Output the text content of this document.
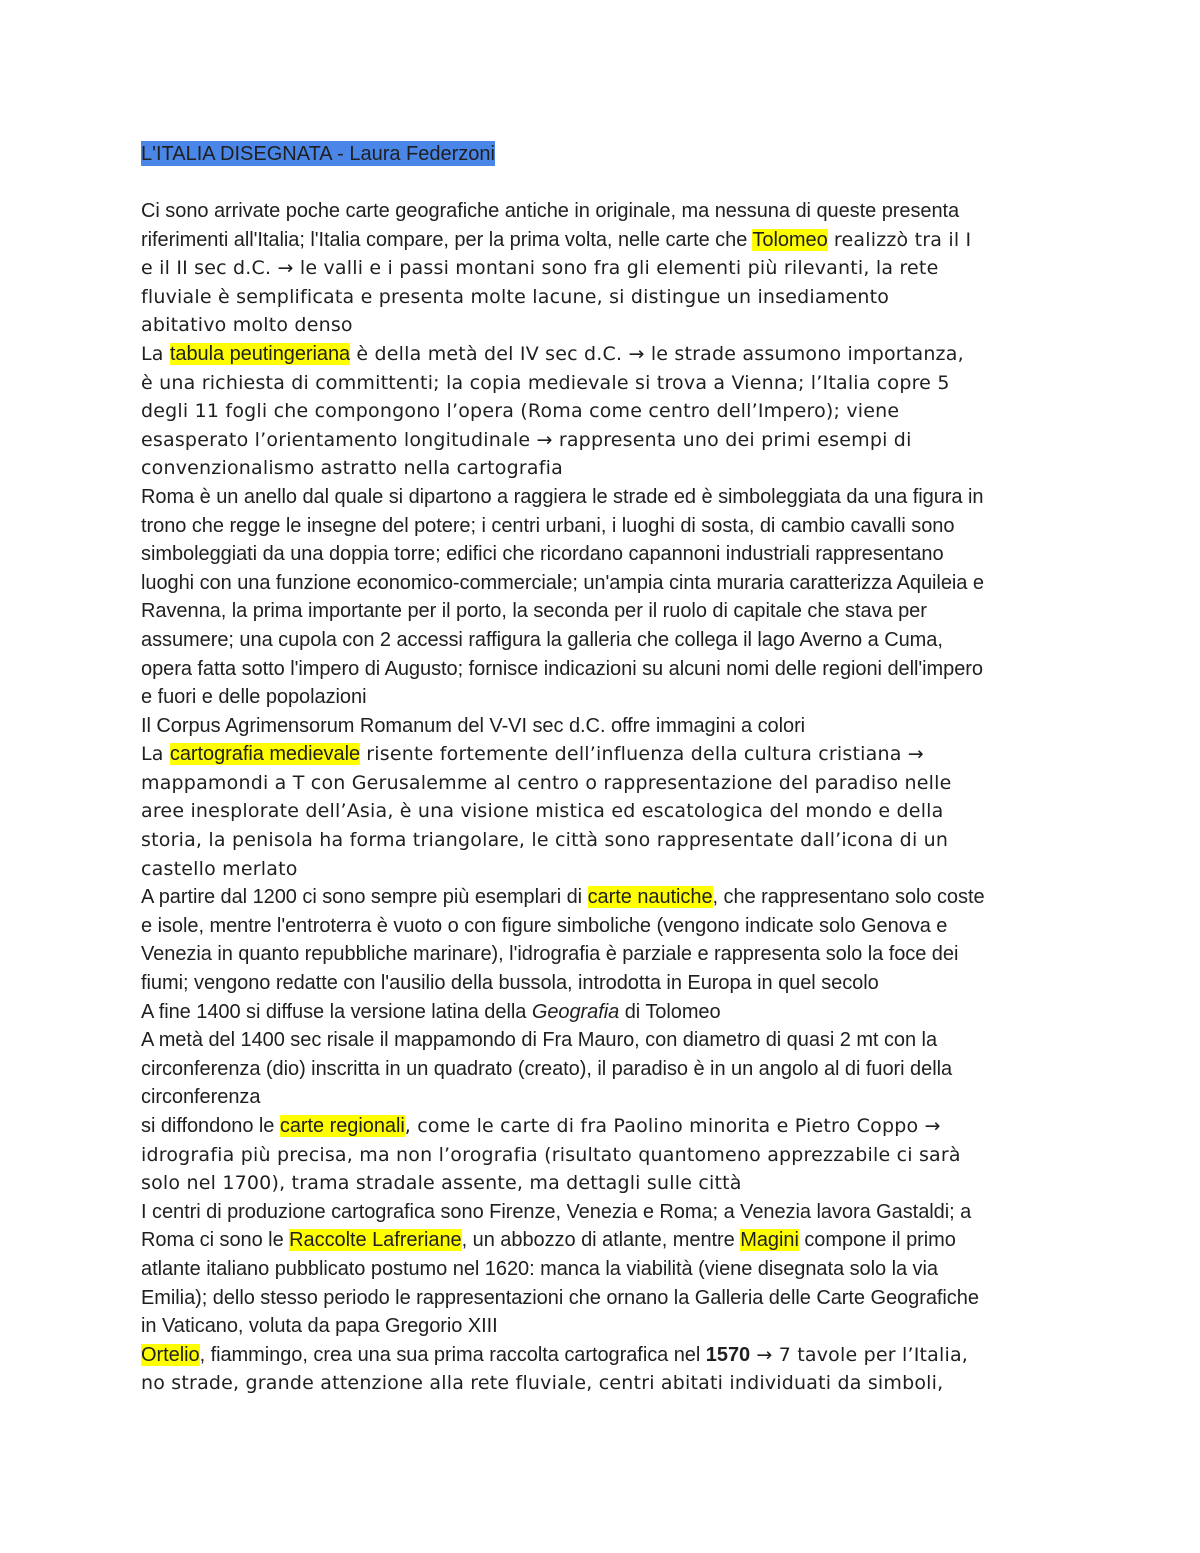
L'ITALIA DISEGNATA - Laura Federzoni

Ci sono arrivate poche carte geografiche antiche in originale, ma nessuna di queste presenta
riferimenti all'Italia; l'Italia compare, per la prima volta, nelle carte che Tolomeo realizzò tra il I
e il II sec d.C. → le valli e i passi montani sono fra gli elementi più rilevanti, la rete
fluviale è semplificata e presenta molte lacune, si distingue un insediamento
abitativo molto denso

La tabula peutingeriana è della metà del IV sec d.C. → le strade assumono importanza,
è una richiesta di committenti; la copia medievale si trova a Vienna; l’Italia copre 5
degli 11 fogli che compongono l’opera (Roma come centro dell’Impero); viene
esasperato l’orientamento longitudinale → rappresenta uno dei primi esempi di
convenzionalismo astratto nella cartografia

Roma è un anello dal quale si dipartono a raggiera le strade ed è simboleggiata da una figura in
trono che regge le insegne del potere; i centri urbani, i luoghi di sosta, di cambio cavalli sono
simboleggiati da una doppia torre; edifici che ricordano capannoni industriali rappresentano
luoghi con una funzione economico-commerciale; un'ampia cinta muraria caratterizza Aquileia e
Ravenna, la prima importante per il porto, la seconda per il ruolo di capitale che stava per
assumere; una cupola con 2 accessi raffigura la galleria che collega il lago Averno a Cuma,
opera fatta sotto l'impero di Augusto; fornisce indicazioni su alcuni nomi delle regioni dell'impero
e fuori e delle popolazioni

Il Corpus Agrimensorum Romanum del V-VI sec d.C. offre immagini a colori

La cartografia medievale risente fortemente dell’influenza della cultura cristiana →
mappamondi a T con Gerusalemme al centro o rappresentazione del paradiso nelle
aree inesplorate dell’Asia, è una visione mistica ed escatologica del mondo e della
storia, la penisola ha forma triangolare, le città sono rappresentate dall’icona di un
castello merlato

A partire dal 1200 ci sono sempre più esemplari di carte nautiche, che rappresentano solo coste
e isole, mentre l'entroterra è vuoto o con figure simboliche (vengono indicate solo Genova e
Venezia in quanto repubbliche marinare), l'idrografia è parziale e rappresenta solo la foce dei
fiumi; vengono redatte con l'ausilio della bussola, introdotta in Europa in quel secolo

A fine 1400 si diffuse la versione latina della Geografia di Tolomeo

A metà del 1400 sec risale il mappamondo di Fra Mauro, con diametro di quasi 2 mt con la
circonferenza (dio) inscritta in un quadrato (creato), il paradiso è in un angolo al di fuori della
circonferenza

si diffondono le carte regionali, come le carte di fra Paolino minorita e Pietro Coppo →
idrografia più precisa, ma non l’orografia (risultato quantomeno apprezzabile ci sarà
solo nel 1700), trama stradale assente, ma dettagli sulle città

I centri di produzione cartografica sono Firenze, Venezia e Roma; a Venezia lavora Gastaldi; a
Roma ci sono le Raccolte Lafreriane, un abbozzo di atlante, mentre Magini compone il primo
atlante italiano pubblicato postumo nel 1620: manca la viabilità (viene disegnata solo la via
Emilia); dello stesso periodo le rappresentazioni che ornano la Galleria delle Carte Geografiche
in Vaticano, voluta da papa Gregorio XIII

Ortelio, fiammingo, crea una sua prima raccolta cartografica nel 1570 → 7 tavole per l’Italia,
no strade, grande attenzione alla rete fluviale, centri abitati individuati da simboli,
